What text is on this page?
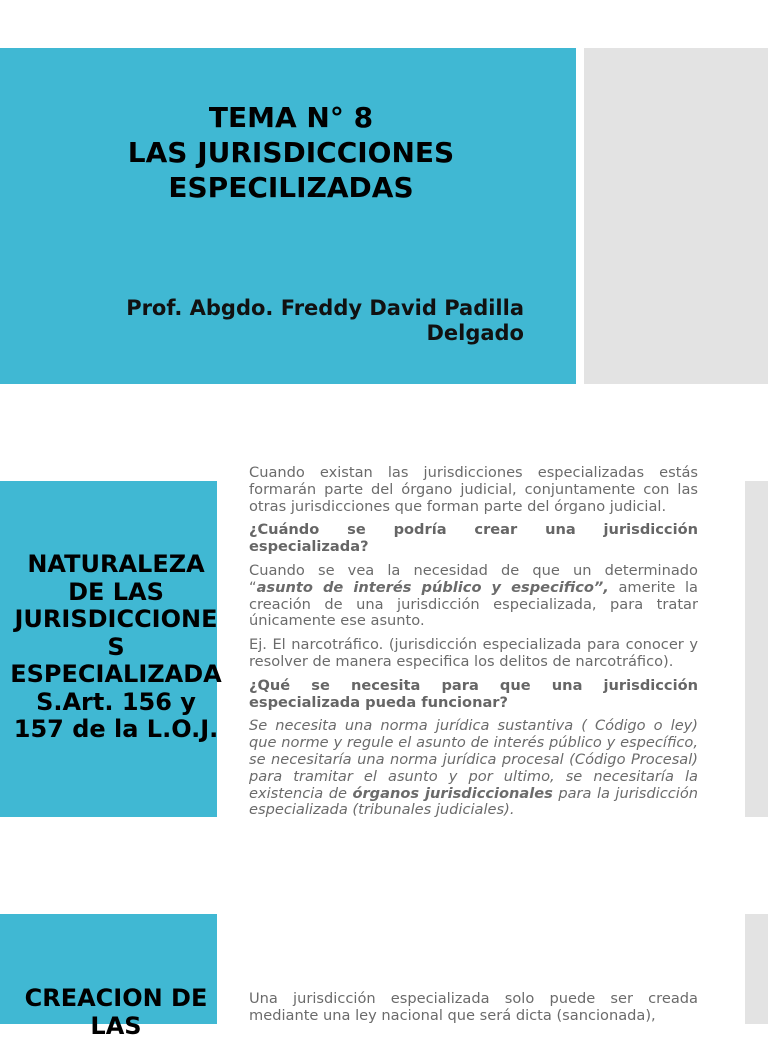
TEMA N° 8
LAS JURISDICCIONES
ESPECILIZADAS
Prof. Abgdo. Freddy David Padilla
Delgado
NATURALEZA
DE LAS
JURISDICCIONE
S
ESPECIALIZADA
S.Art. 156 y
157 de la L.O.J.

Cuando existan las jurisdicciones especializadas estás formarán parte del órgano judicial, conjuntamente con las otras jurisdicciones que forman parte del órgano judicial.

¿Cuándo se podría crear una jurisdicción especializada?

Cuando se vea la necesidad de que un determinado “asunto de interés público y especifico”, amerite la creación de una jurisdicción especializada, para tratar únicamente ese asunto.

Ej. El narcotráfico. (jurisdicción especializada para conocer y resolver de manera especifica los delitos de narcotráfico).

¿Qué se necesita para que una jurisdicción especializada pueda funcionar?

Se necesita una norma jurídica sustantiva ( Código o ley) que norme y regule el asunto de interés público y específico, se necesitaría una norma jurídica procesal (Código Procesal) para tramitar el asunto y por ultimo, se necesitaría la existencia de órganos jurisdiccionales para la jurisdicción especializada (tribunales judiciales).

CREACION DE
LAS
Una jurisdicción especializada solo puede ser creada mediante una ley nacional que será dicta (sancionada),
